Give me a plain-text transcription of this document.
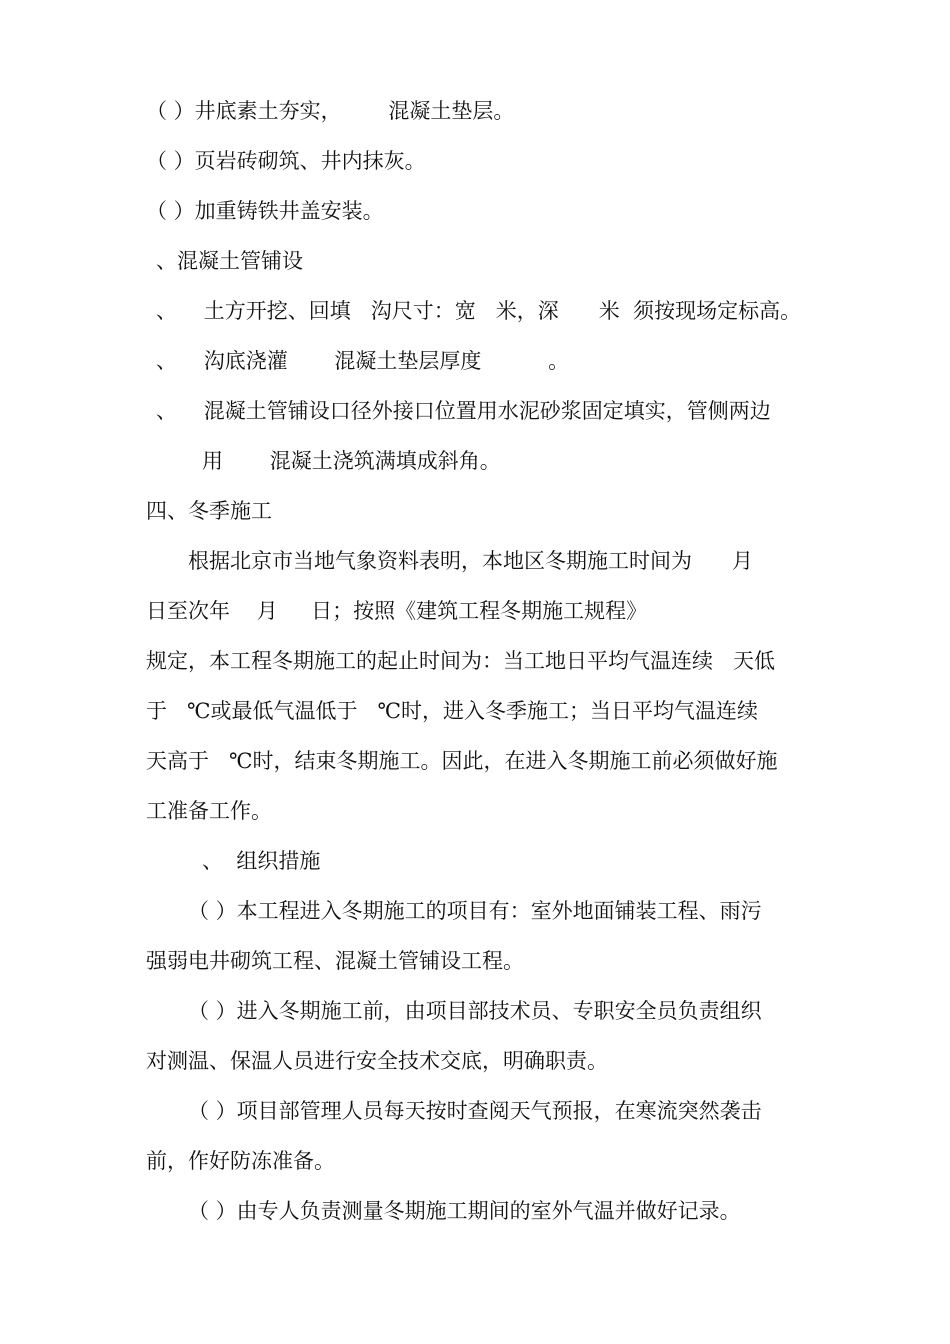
（ ）井底素土夯实，       混凝土垫层。
（ ）页岩砖砌筑、井内抹灰。
（ ）加重铸铁井盖安装。
、混凝土管铺设
、    土方开挖、回填   沟尺寸：宽   米，深      米  须按现场定标高。
、    沟底浇灌       混凝土垫层厚度          。
、    混凝土管铺设口径外接口位置用水泥砂浆固定填实，管侧两边
用       混凝土浇筑满填成斜角。
四、冬季施工
根据北京市当地气象资料表明，本地区冬期施工时间为      月
日至次年    月     日；按照《建筑工程冬期施工规程》
规定，本工程冬期施工的起止时间为：当工地日平均气温连续   天低
于   ℃或最低气温低于   ℃时，进入冬季施工；当日平均气温连续
天高于   ℃时，结束冬期施工。因此，在进入冬期施工前必须做好施
工准备工作。
、  组织措施
（ ）本工程进入冬期施工的项目有：室外地面铺装工程、雨污
强弱电井砌筑工程、混凝土管铺设工程。
（ ）进入冬期施工前，由项目部技术员、专职安全员负责组织
对测温、保温人员进行安全技术交底，明确职责。
（ ）项目部管理人员每天按时查阅天气预报，在寒流突然袭击
前，作好防冻准备。
（ ）由专人负责测量冬期施工期间的室外气温并做好记录。
